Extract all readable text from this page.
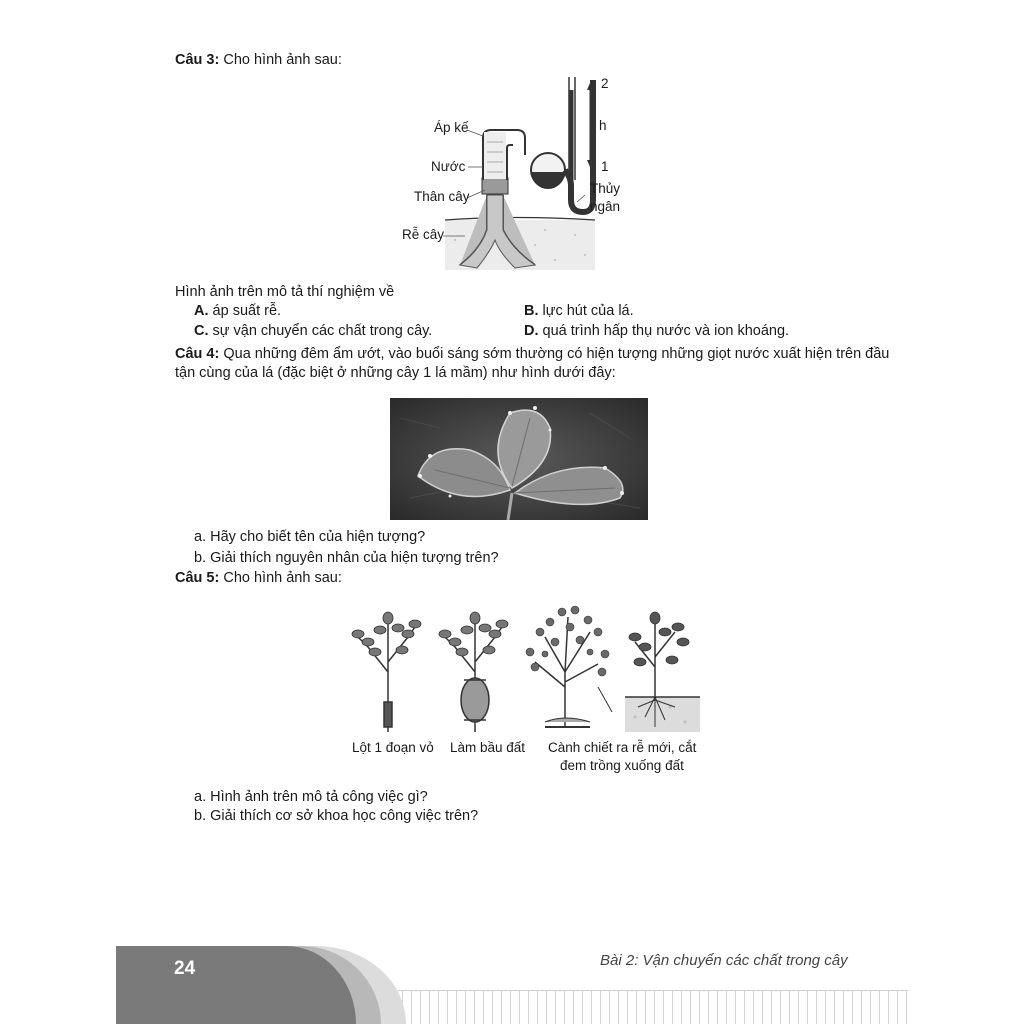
Câu 3: Cho hình ảnh sau:
Áp kế
Nước
Thân cây
Rễ cây
2
h
1
Thủy
ngân
Hình ảnh trên mô tả thí nghiệm về
A. áp suất rễ.	B. lực hút của lá.
C. sự vận chuyển các chất trong cây.	D. quá trình hấp thụ nước và ion khoáng.
Câu 4: Qua những đêm ẩm ướt, vào buổi sáng sớm thường có hiện tượng những giọt nước xuất hiện trên đầu
tận cùng của lá (đặc biệt ở những cây 1 lá mầm) như hình dưới đây:
a. Hãy cho biết tên của hiện tượng?
b. Giải thích nguyên nhân của hiện tượng trên?
Câu 5: Cho hình ảnh sau:
Lột 1 đoạn vỏ Làm bầu đất Cành chiết ra rễ mới, cắt
đem trồng xuống đất
a. Hình ảnh trên mô tả công việc gì?
b. Giải thích cơ sở khoa học công việc trên?
24	Bài 2: Vận chuyển các chất trong cây
